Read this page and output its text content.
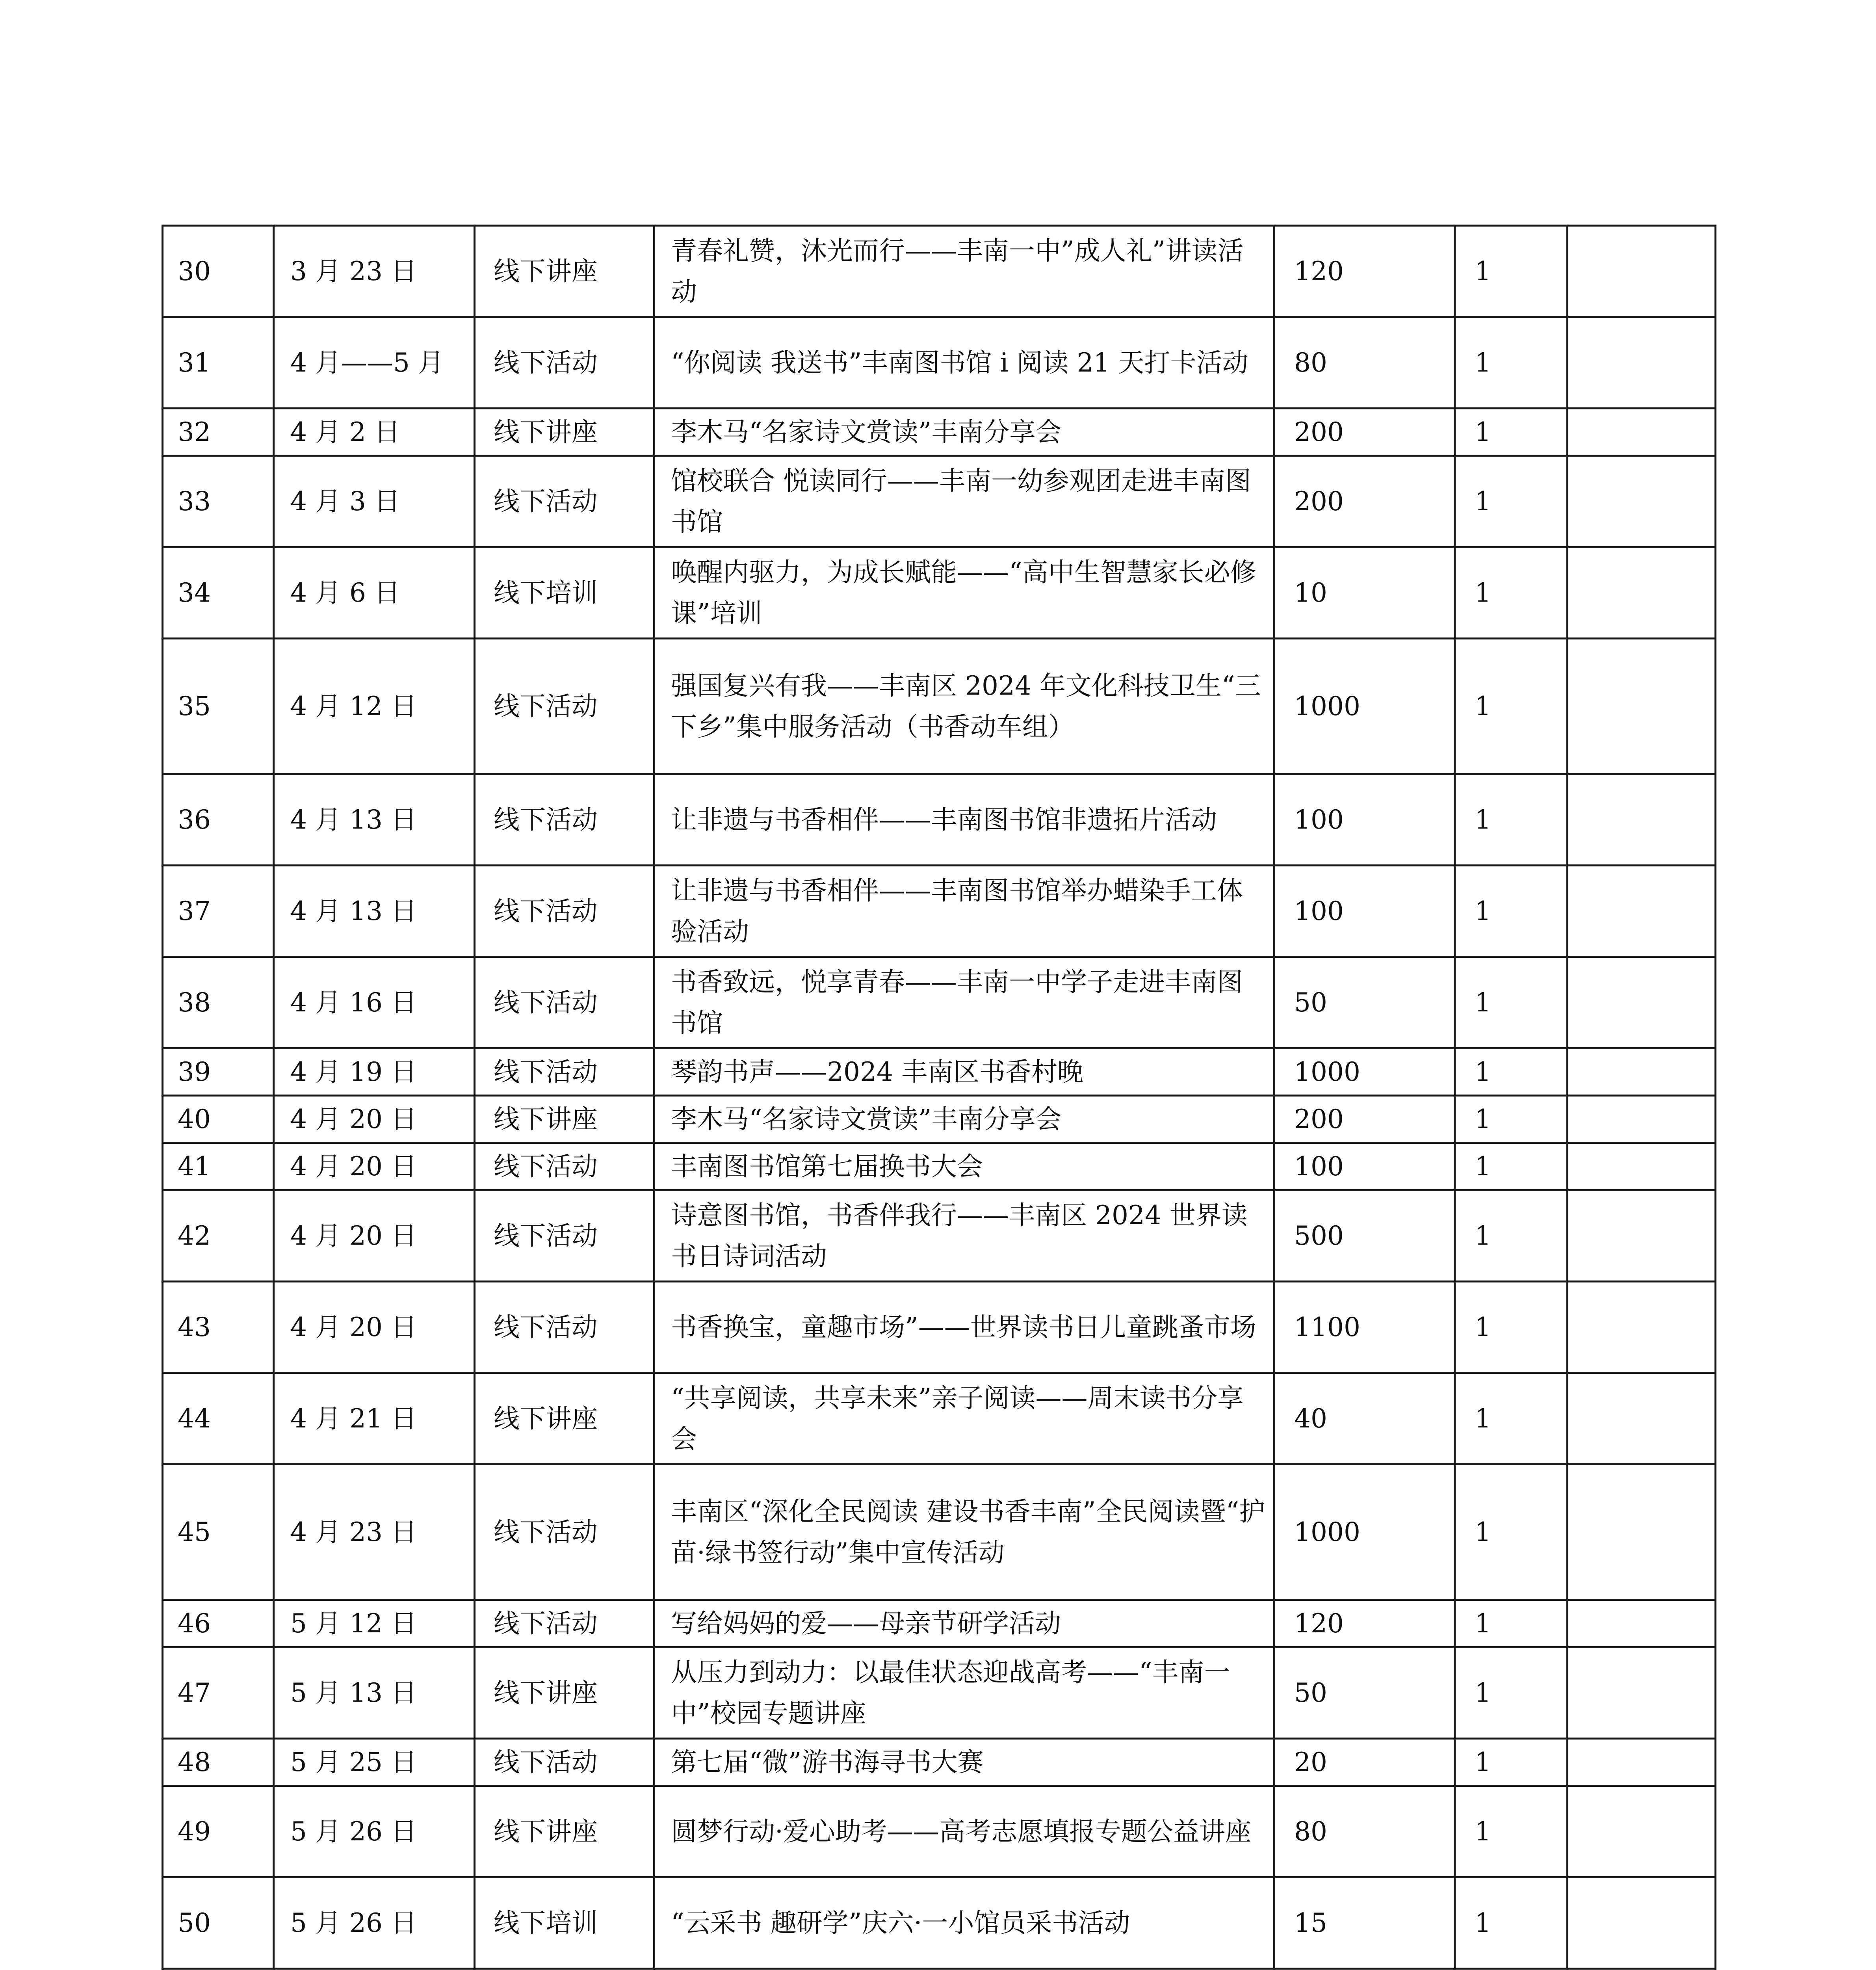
30	3 月 23 日	线下讲座	青春礼赞，沐光而行——丰南一中”成人礼”讲读活动	120	1	
31	4 月——5 月	线下活动	“你阅读 我送书”丰南图书馆 i 阅读 21 天打卡活动	80	1	
32	4 月 2 日	线下讲座	李木马“名家诗文赏读”丰南分享会	200	1	
33	4 月 3 日	线下活动	馆校联合 悦读同行——丰南一幼参观团走进丰南图书馆	200	1	
34	4 月 6 日	线下培训	唤醒内驱力，为成长赋能——“高中生智慧家长必修课”培训	10	1	
35	4 月 12 日	线下活动	强国复兴有我——丰南区 2024 年文化科技卫生“三下乡”集中服务活动（书香动车组）	1000	1	
36	4 月 13 日	线下活动	让非遗与书香相伴——丰南图书馆非遗拓片活动	100	1	
37	4 月 13 日	线下活动	让非遗与书香相伴——丰南图书馆举办蜡染手工体验活动	100	1	
38	4 月 16 日	线下活动	书香致远，悦享青春——丰南一中学子走进丰南图书馆	50	1	
39	4 月 19 日	线下活动	琴韵书声——2024 丰南区书香村晚	1000	1	
40	4 月 20 日	线下讲座	李木马“名家诗文赏读”丰南分享会	200	1	
41	4 月 20 日	线下活动	丰南图书馆第七届换书大会	100	1	
42	4 月 20 日	线下活动	诗意图书馆，书香伴我行——丰南区 2024 世界读书日诗词活动	500	1	
43	4 月 20 日	线下活动	书香换宝，童趣市场”——世界读书日儿童跳蚤市场	1100	1	
44	4 月 21 日	线下讲座	“共享阅读，共享未来”亲子阅读——周末读书分享会	40	1	
45	4 月 23 日	线下活动	丰南区“深化全民阅读 建设书香丰南”全民阅读暨“护苗·绿书签行动”集中宣传活动	1000	1	
46	5 月 12 日	线下活动	写给妈妈的爱——母亲节研学活动	120	1	
47	5 月 13 日	线下讲座	从压力到动力：以最佳状态迎战高考——“丰南一中”校园专题讲座	50	1	
48	5 月 25 日	线下活动	第七届“微”游书海寻书大赛	20	1	
49	5 月 26 日	线下讲座	圆梦行动·爱心助考——高考志愿填报专题公益讲座	80	1	
50	5 月 26 日	线下培训	“云采书 趣研学”庆六·一小馆员采书活动	15	1	
